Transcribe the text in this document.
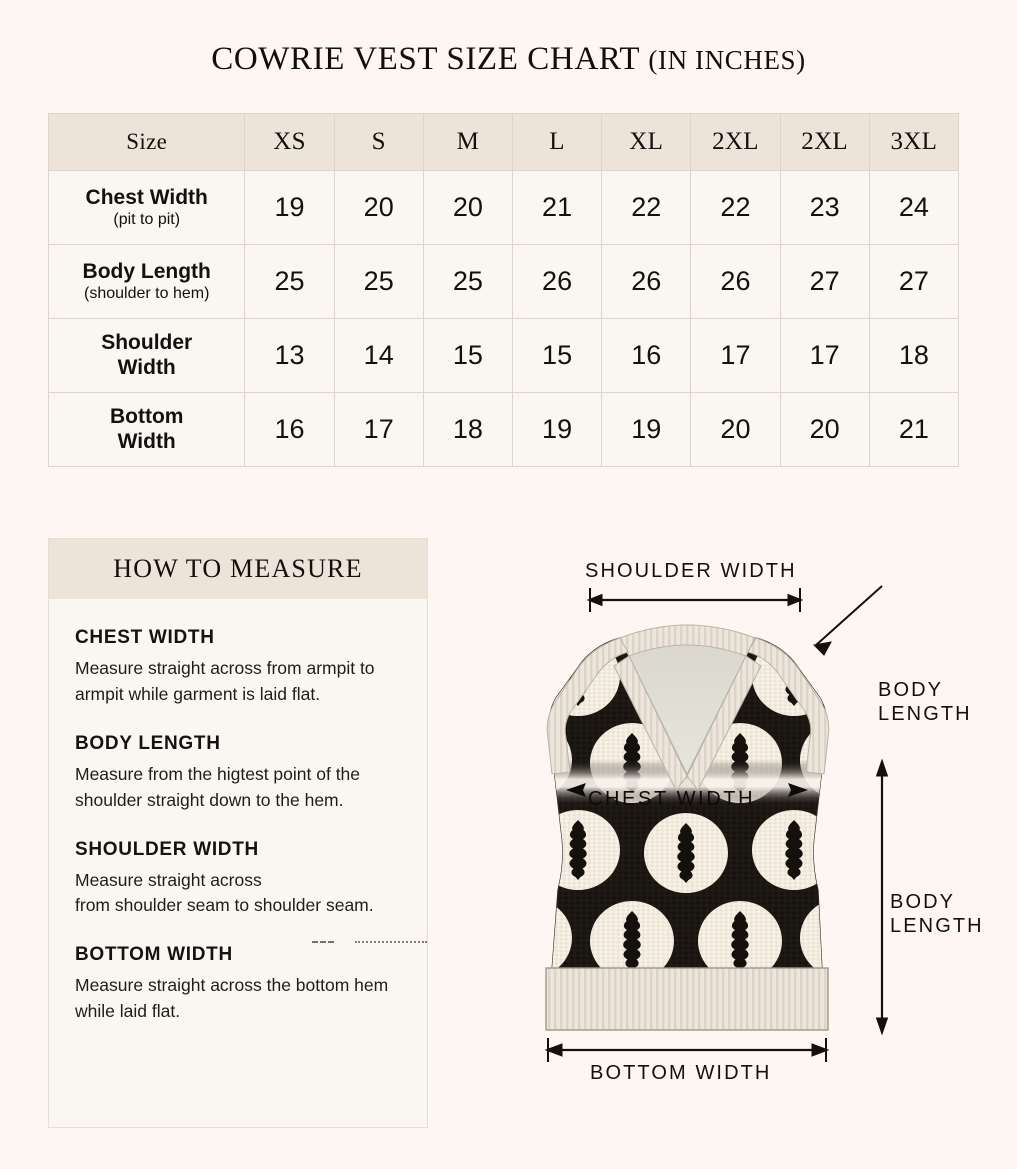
COWRIE VEST SIZE CHART (IN INCHES)
Size	XS	S	M	L	XL	2XL	2XL	3XL
Chest Width
(pit to pit)	19	20	20	21	22	22	23	24
Body Length
(shoulder to hem)	25	25	25	26	26	26	27	27
Shoulder
Width	13	14	15	15	16	17	17	18
Bottom
Width	16	17	18	19	19	20	20	21
HOW TO MEASURE
CHEST WIDTH
Measure straight across from armpit to armpit while garment is laid flat.
BODY LENGTH
Measure from the higtest point of the shoulder straight down to the hem.
SHOULDER WIDTH
Measure straight across
from shoulder seam to shoulder seam.
BOTTOM WIDTH
Measure straight across the bottom hem while laid flat.
SHOULDER WIDTH
BODY
LENGTH
BODY
LENGTH
BOTTOM WIDTH
CHEST WIDTH
